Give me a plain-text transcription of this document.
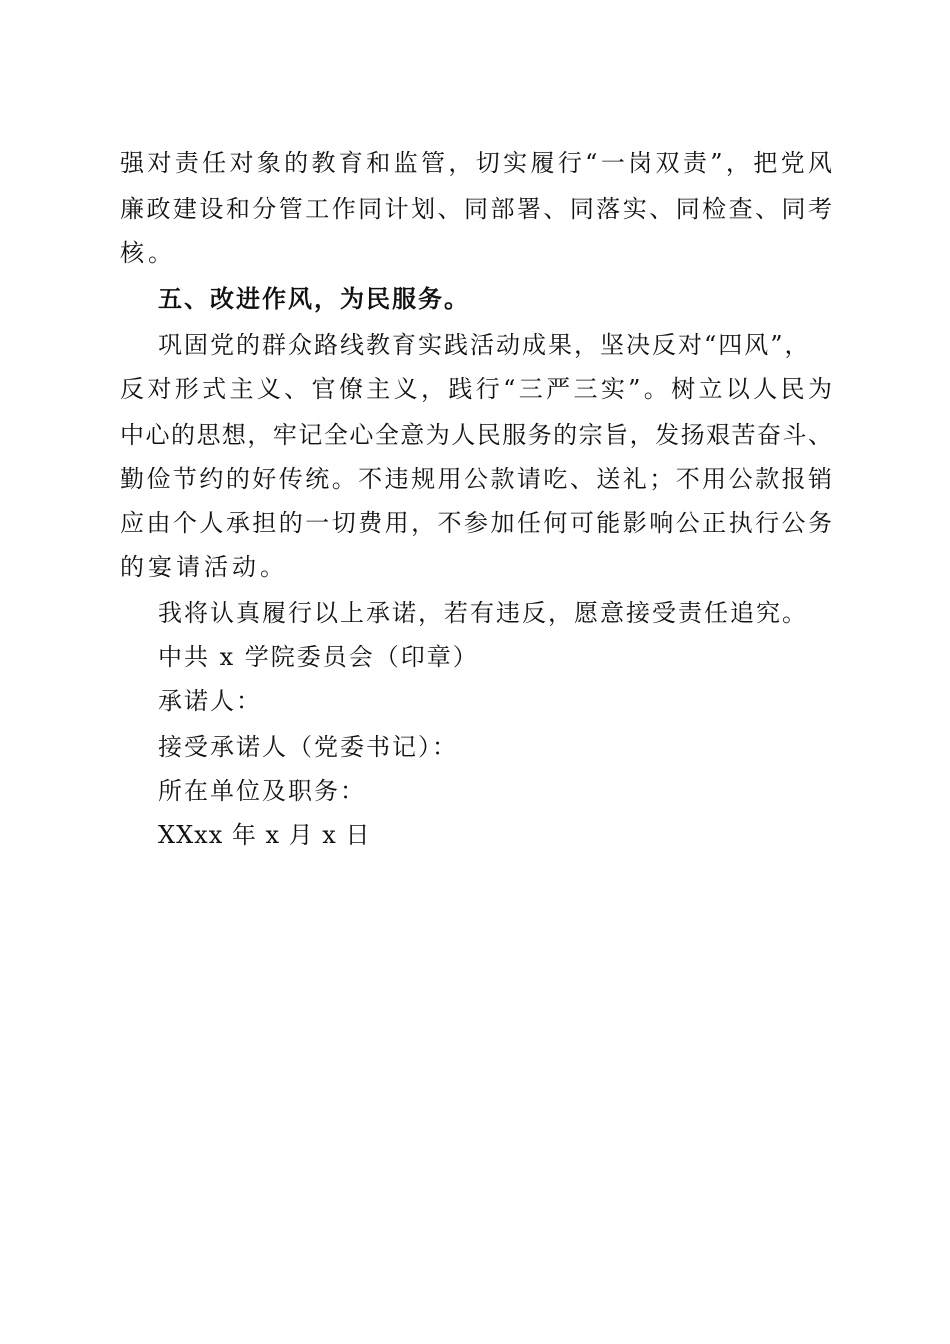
强对责任对象的教育和监管，切实履行“一岗双责”，把党风
廉政建设和分管工作同计划、同部署、同落实、同检查、同考
核。
五、改进作风，为民服务。
巩固党的群众路线教育实践活动成果，坚决反对“四风”，
反对形式主义、官僚主义，践行“三严三实”。树立以人民为
中心的思想，牢记全心全意为人民服务的宗旨，发扬艰苦奋斗、
勤俭节约的好传统。不违规用公款请吃、送礼；不用公款报销
应由个人承担的一切费用，不参加任何可能影响公正执行公务
的宴请活动。
我将认真履行以上承诺，若有违反，愿意接受责任追究。
中共 x 学院委员会（印章）
承诺人：
接受承诺人（党委书记）：
所在单位及职务：
XXxx 年 x 月 x 日
